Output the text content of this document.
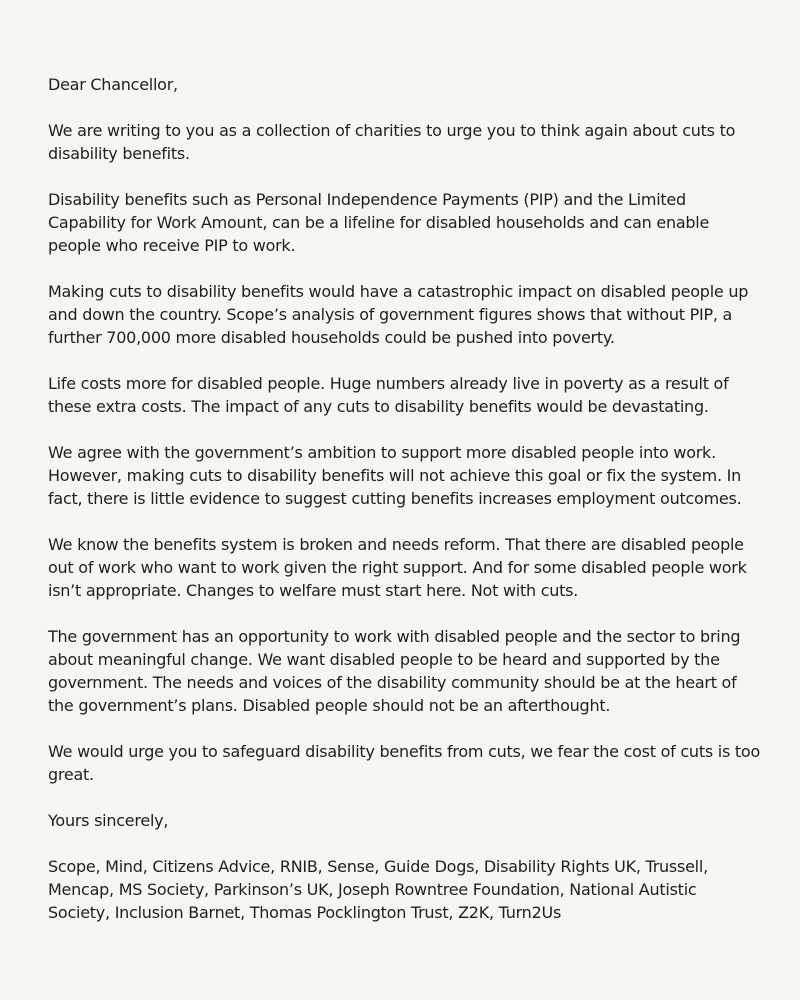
Dear Chancellor,

We are writing to you as a collection of charities to urge you to think again about cuts to disability benefits.

Disability benefits such as Personal Independence Payments (PIP) and the Limited Capability for Work Amount, can be a lifeline for disabled households and can enable people who receive PIP to work.

Making cuts to disability benefits would have a catastrophic impact on disabled people up and down the country. Scope’s analysis of government figures shows that without PIP, a further 700,000 more disabled households could be pushed into poverty.

Life costs more for disabled people. Huge numbers already live in poverty as a result of these extra costs. The impact of any cuts to disability benefits would be devastating.

We agree with the government’s ambition to support more disabled people into work. However, making cuts to disability benefits will not achieve this goal or fix the system. In fact, there is little evidence to suggest cutting benefits increases employment outcomes.

We know the benefits system is broken and needs reform. That there are disabled people out of work who want to work given the right support. And for some disabled people work isn’t appropriate. Changes to welfare must start here. Not with cuts.

The government has an opportunity to work with disabled people and the sector to bring about meaningful change. We want disabled people to be heard and supported by the government. The needs and voices of the disability community should be at the heart of the government’s plans. Disabled people should not be an afterthought.

We would urge you to safeguard disability benefits from cuts, we fear the cost of cuts is too great.

Yours sincerely,

Scope, Mind, Citizens Advice, RNIB, Sense, Guide Dogs, Disability Rights UK, Trussell, Mencap, MS Society, Parkinson’s UK, Joseph Rowntree Foundation, National Autistic Society, Inclusion Barnet, Thomas Pocklington Trust, Z2K, Turn2Us
